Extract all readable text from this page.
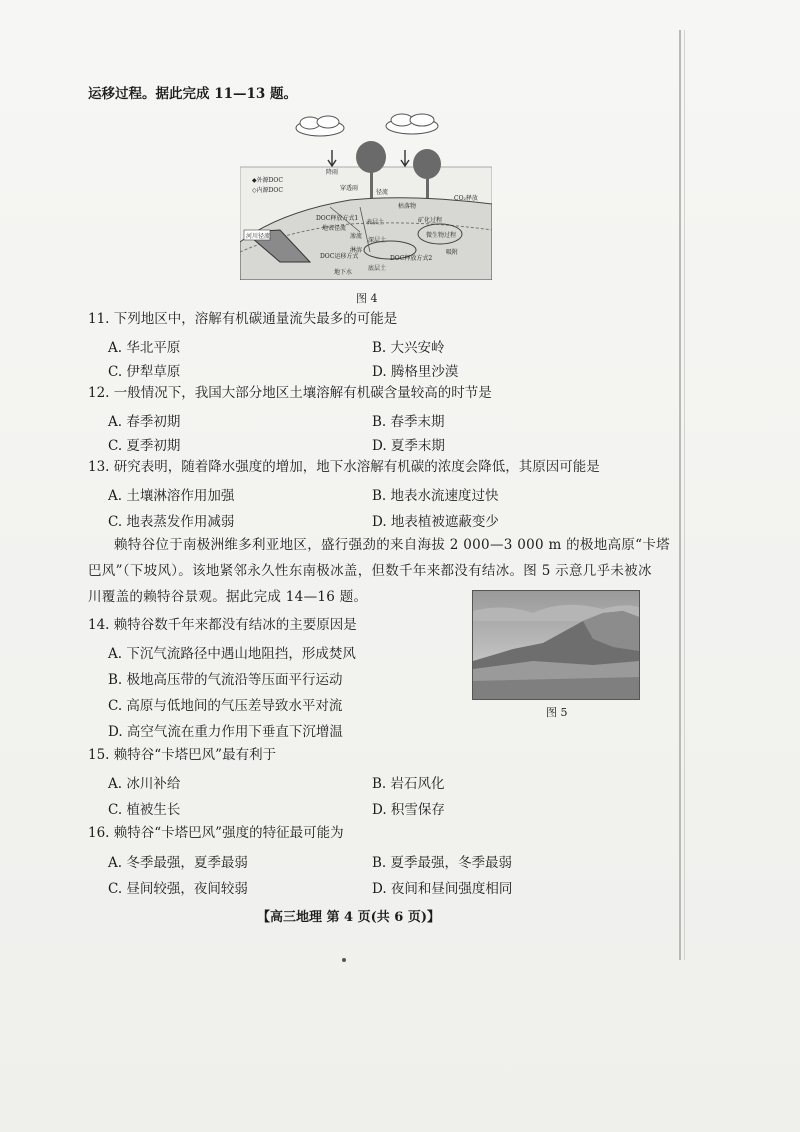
运移过程。据此完成 11—13 题。
河川径流
◆外源DOC
◇内源DOC
降雨
穿透雨
径流
枯落物
CO₂释放
表层土
微生物过程
矿化过程
深层土
底层土
地下水
DOC释放方式1
DOC释放方式2
DOC运移方式
地表径流
渗流
淋溶	吸附
图 4
11. 下列地区中，溶解有机碳通量流失最多的可能是
A. 华北平原	B. 大兴安岭
C. 伊犁草原	D. 腾格里沙漠
12. 一般情况下，我国大部分地区土壤溶解有机碳含量较高的时节是
A. 春季初期	B. 春季末期
C. 夏季初期	D. 夏季末期
13. 研究表明，随着降水强度的增加，地下水溶解有机碳的浓度会降低，其原因可能是
A. 土壤淋溶作用加强	B. 地表水流速度过快
C. 地表蒸发作用减弱	D. 地表植被遮蔽变少
赖特谷位于南极洲维多利亚地区，盛行强劲的来自海拔 2 000—3 000 m 的极地高原“卡塔
巴风”（下坡风）。该地紧邻永久性东南极冰盖，但数千年来都没有结冰。图 5 示意几乎未被冰
川覆盖的赖特谷景观。据此完成 14—16 题。
图 5
14. 赖特谷数千年来都没有结冰的主要原因是
A. 下沉气流路径中遇山地阻挡，形成焚风
B. 极地高压带的气流沿等压面平行运动
C. 高原与低地间的气压差导致水平对流
D. 高空气流在重力作用下垂直下沉增温
15. 赖特谷“卡塔巴风”最有利于
A. 冰川补给	B. 岩石风化
C. 植被生长	D. 积雪保存
16. 赖特谷“卡塔巴风”强度的特征最可能为
A. 冬季最强，夏季最弱	B. 夏季最强，冬季最弱
C. 昼间较强，夜间较弱	D. 夜间和昼间强度相同
【高三地理 第 4 页(共 6 页)】
